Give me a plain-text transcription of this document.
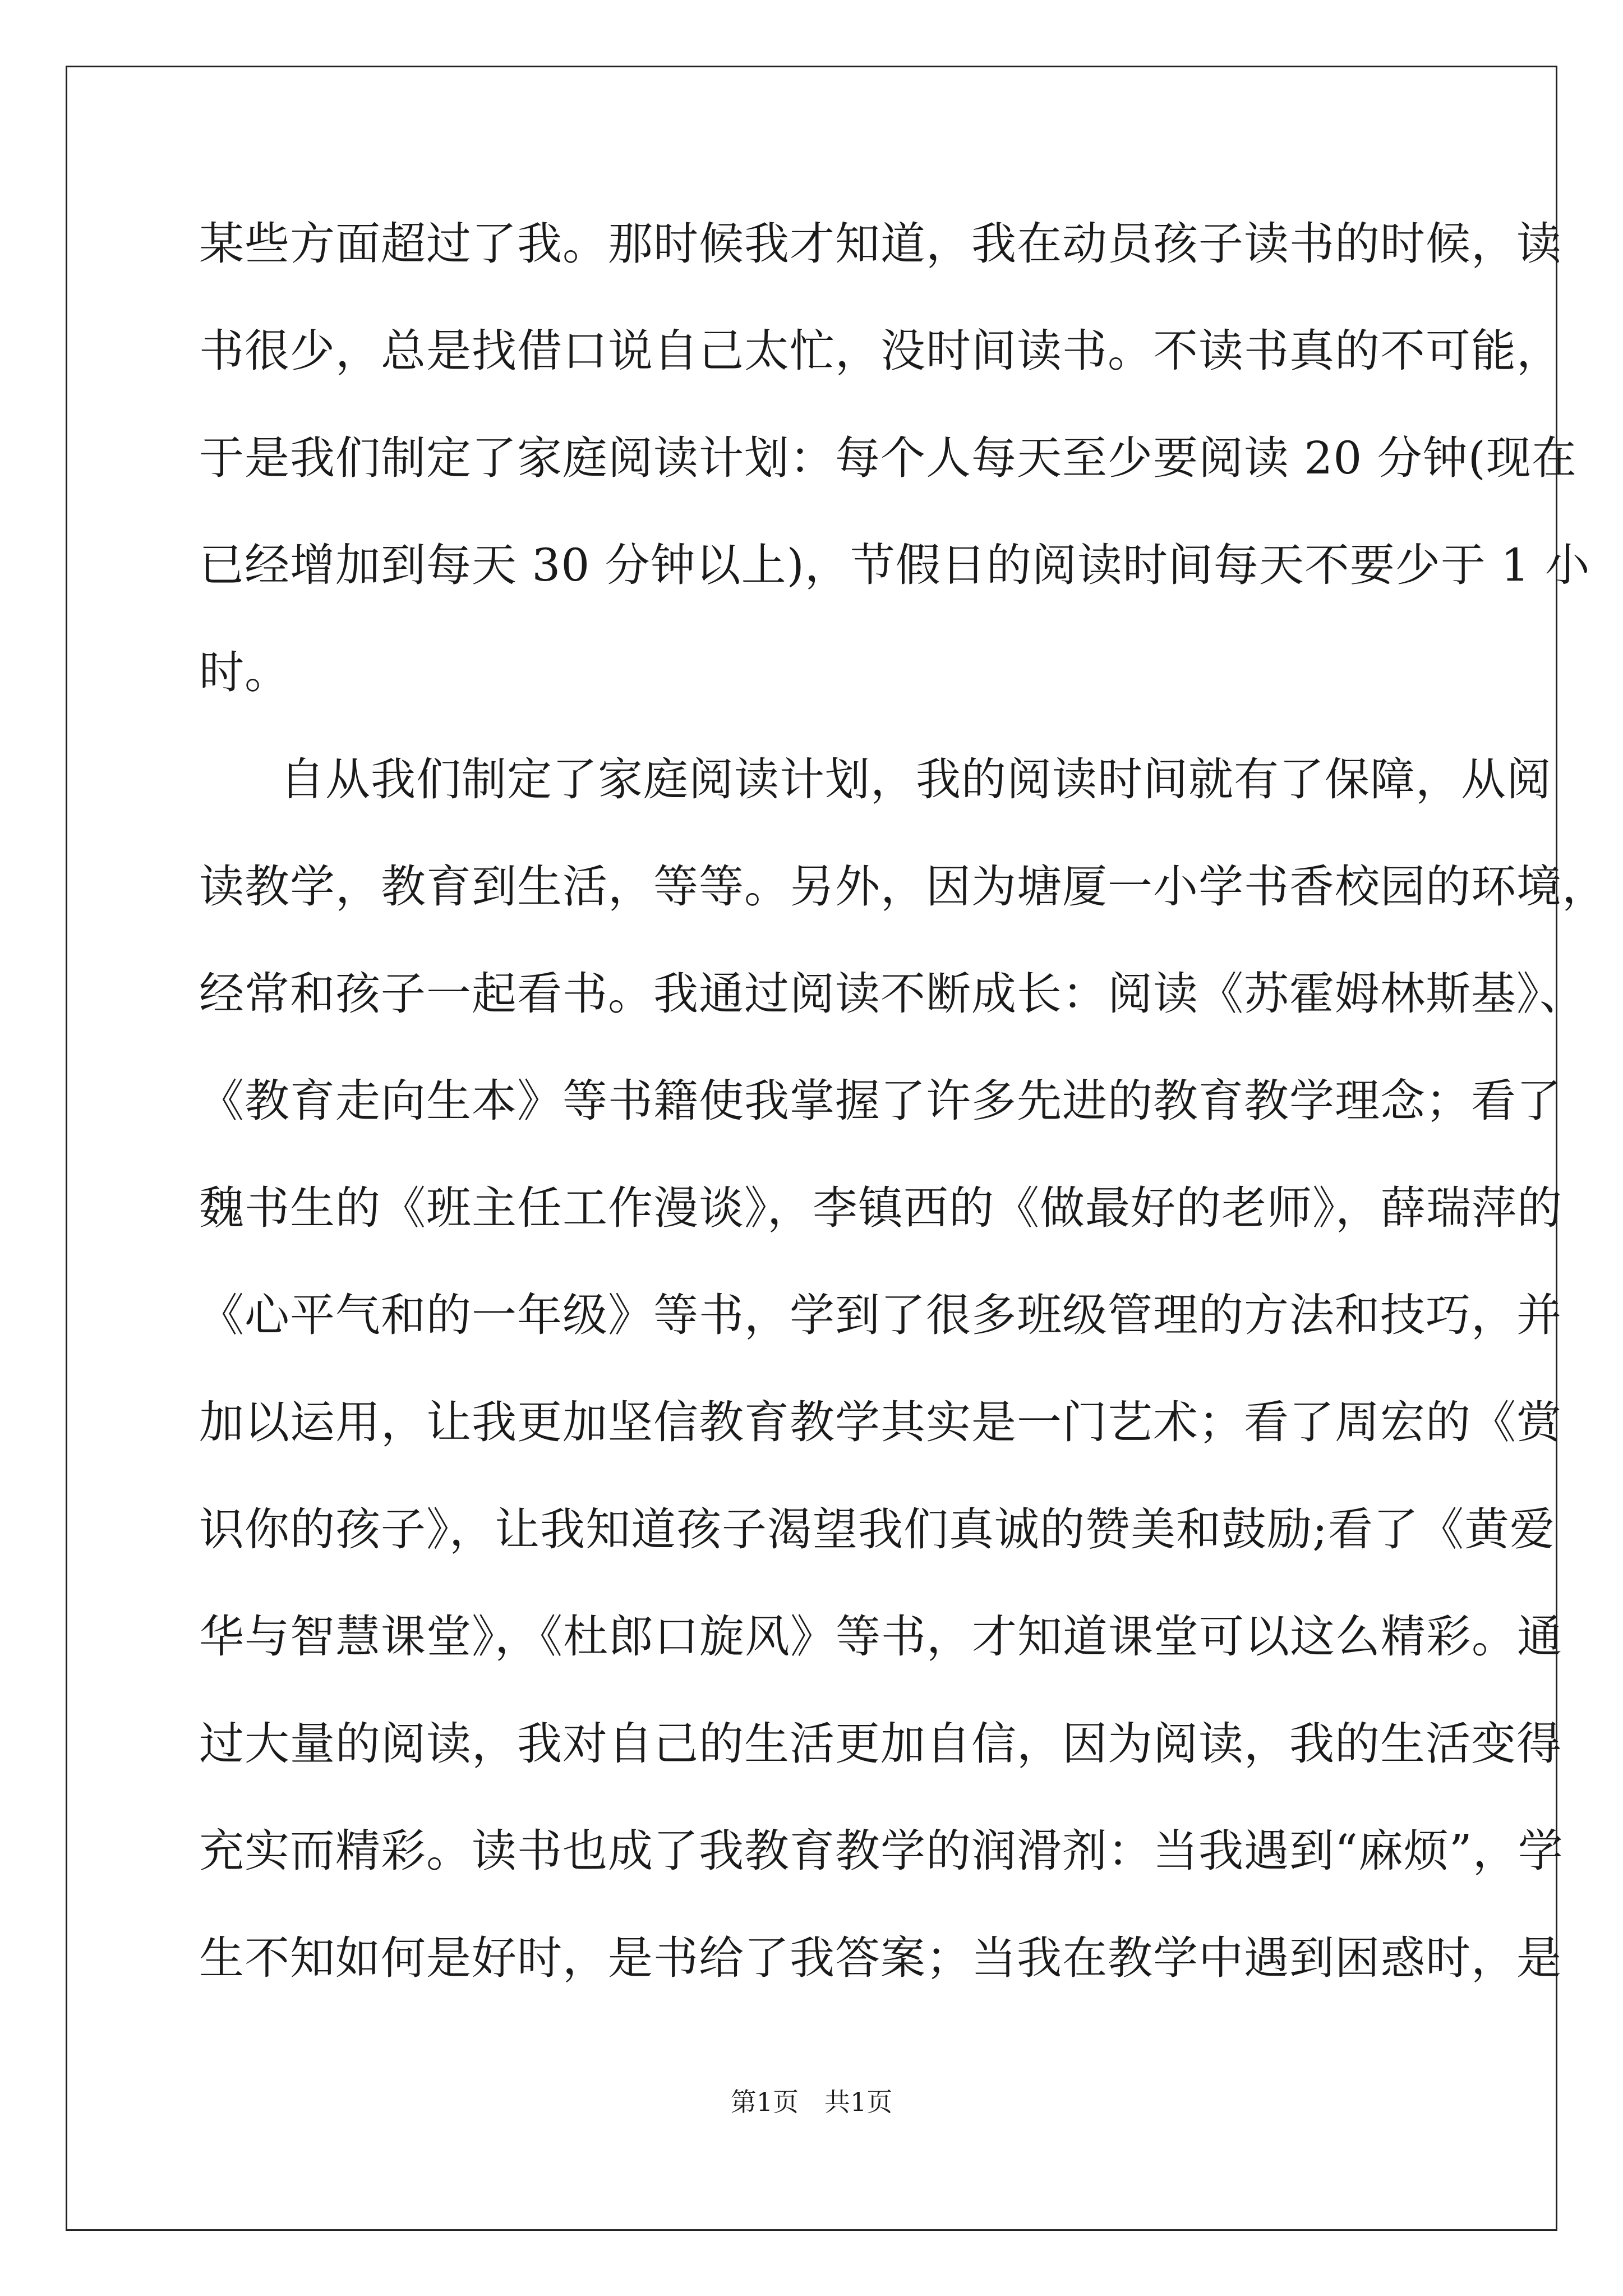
某些方面超过了我。那时候我才知道，我在动员孩子读书的时候，读
书很少，总是找借口说自己太忙，没时间读书。不读书真的不可能，
于是我们制定了家庭阅读计划：每个人每天至少要阅读 20 分钟(现在
已经增加到每天 30 分钟以上)，节假日的阅读时间每天不要少于 1 小
时。
自从我们制定了家庭阅读计划，我的阅读时间就有了保障，从阅
读教学，教育到生活，等等。另外，因为塘厦一小学书香校园的环境，
经常和孩子一起看书。我通过阅读不断成长：阅读《苏霍姆林斯基》、
《教育走向生本》等书籍使我掌握了许多先进的教育教学理念；看了
魏书生的《班主任工作漫谈》，李镇西的《做最好的老师》，薛瑞萍的
《心平气和的一年级》等书，学到了很多班级管理的方法和技巧，并
加以运用，让我更加坚信教育教学其实是一门艺术；看了周宏的《赏
识你的孩子》，让我知道孩子渴望我们真诚的赞美和鼓励;看了《黄爱
华与智慧课堂》，《杜郎口旋风》等书，才知道课堂可以这么精彩。通
过大量的阅读，我对自己的生活更加自信，因为阅读，我的生活变得
充实而精彩。读书也成了我教育教学的润滑剂：当我遇到“麻烦”，学
生不知如何是好时，是书给了我答案；当我在教学中遇到困惑时，是
第1页　共1页
